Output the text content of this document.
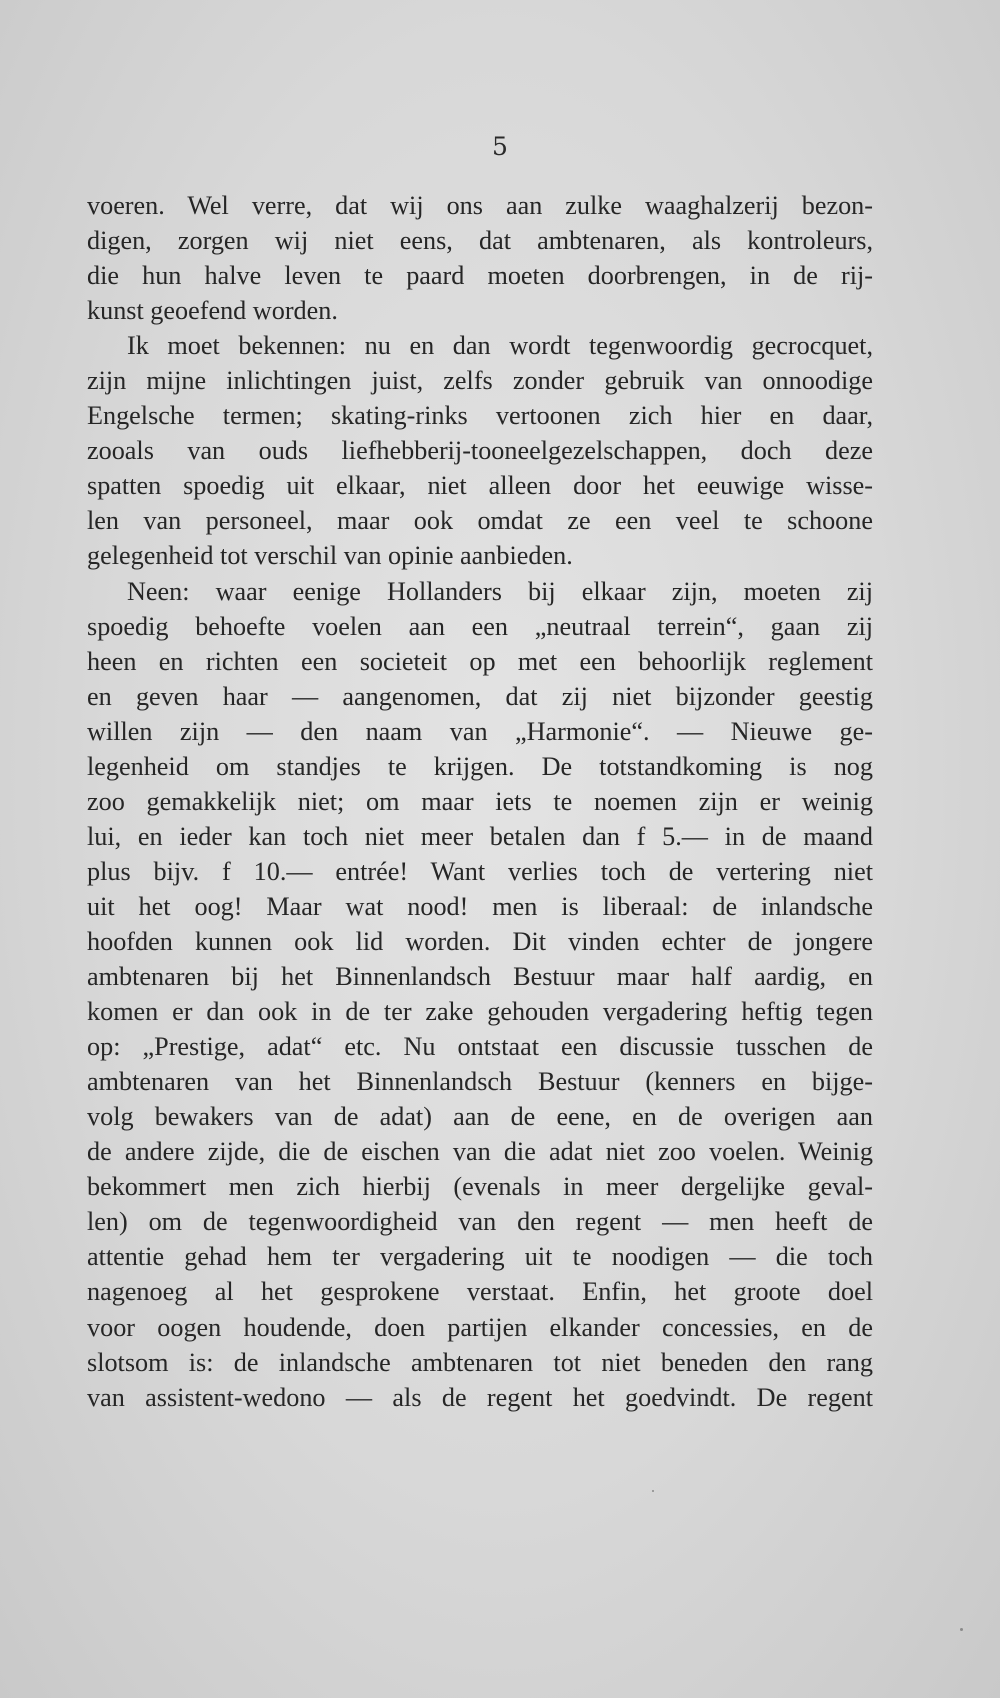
5
voeren. Wel verre, dat wij ons aan zulke waaghalzerij bezon-
digen, zorgen wij niet eens, dat ambtenaren, als kontroleurs,
die hun halve leven te paard moeten doorbrengen, in de rij-
kunst geoefend worden.
Ik moet bekennen: nu en dan wordt tegenwoordig gecrocquet,
zijn mijne inlichtingen juist, zelfs zonder gebruik van onnoodige
Engelsche termen; skating-rinks vertoonen zich hier en daar,
zooals van ouds liefhebberij-tooneelgezelschappen, doch deze
spatten spoedig uit elkaar, niet alleen door het eeuwige wisse-
len van personeel, maar ook omdat ze een veel te schoone
gelegenheid tot verschil van opinie aanbieden.
Neen: waar eenige Hollanders bij elkaar zijn, moeten zij
spoedig behoefte voelen aan een „neutraal terrein“, gaan zij
heen en richten een societeit op met een behoorlijk reglement
en geven haar — aangenomen, dat zij niet bijzonder geestig
willen zijn — den naam van „Harmonie“. — Nieuwe ge-
legenheid om standjes te krijgen. De totstandkoming is nog
zoo gemakkelijk niet; om maar iets te noemen zijn er weinig
lui, en ieder kan toch niet meer betalen dan f 5.— in de maand
plus bijv. f 10.— entrée! Want verlies toch de vertering niet
uit het oog! Maar wat nood! men is liberaal: de inlandsche
hoofden kunnen ook lid worden. Dit vinden echter de jongere
ambtenaren bij het Binnenlandsch Bestuur maar half aardig, en
komen er dan ook in de ter zake gehouden vergadering heftig tegen
op: „Prestige, adat“ etc. Nu ontstaat een discussie tusschen de
ambtenaren van het Binnenlandsch Bestuur (kenners en bijge-
volg bewakers van de adat) aan de eene, en de overigen aan
de andere zijde, die de eischen van die adat niet zoo voelen. Weinig
bekommert men zich hierbij (evenals in meer dergelijke geval-
len) om de tegenwoordigheid van den regent — men heeft de
attentie gehad hem ter vergadering uit te noodigen — die toch
nagenoeg al het gesprokene verstaat. Enfin, het groote doel
voor oogen houdende, doen partijen elkander concessies, en de
slotsom is: de inlandsche ambtenaren tot niet beneden den rang
van assistent-wedono — als de regent het goedvindt. De regent
